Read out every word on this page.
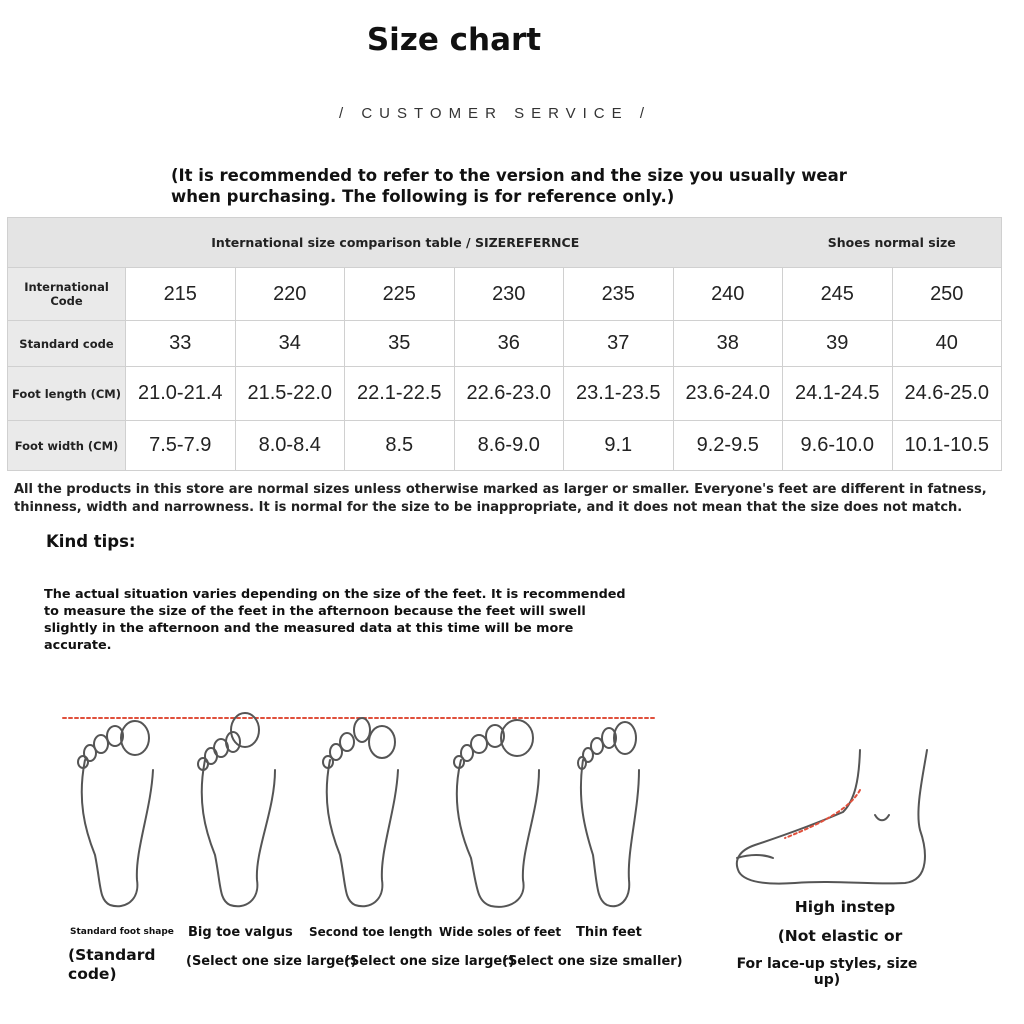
Size chart
/ CUSTOMER SERVICE /
(It is recommended to refer to the version and the size you usually wear when purchasing. The following is for reference only.)
International size comparison table / SIZEREFERNCE							Shoes normal size	
International Code	215	220	225	230	235	240	245	250
Standard code	33	34	35	36	37	38	39	40
Foot length (CM)	21.0-21.4	21.5-22.0	22.1-22.5	22.6-23.0	23.1-23.5	23.6-24.0	24.1-24.5	24.6-25.0
Foot width (CM)	7.5-7.9	8.0-8.4	8.5	8.6-9.0	9.1	9.2-9.5	9.6-10.0	10.1-10.5
All the products in this store are normal sizes unless otherwise marked as larger or smaller. Everyone's feet are different in fatness, thinness, width and narrowness. It is normal for the size to be inappropriate, and it does not mean that the size does not match.
Kind tips:
The actual situation varies depending on the size of the feet. It is recommended to measure the size of the feet in the afternoon because the feet will swell slightly in the afternoon and the measured data at this time will be more accurate.
Standard foot shape
(Standard code)
Big toe valgus Second toe length Wide soles of feet Thin feet
(Select one size larger)
(Select one size larger)
(Select one size smaller)
High instep
(Not elastic or
For lace-up styles, size up)
